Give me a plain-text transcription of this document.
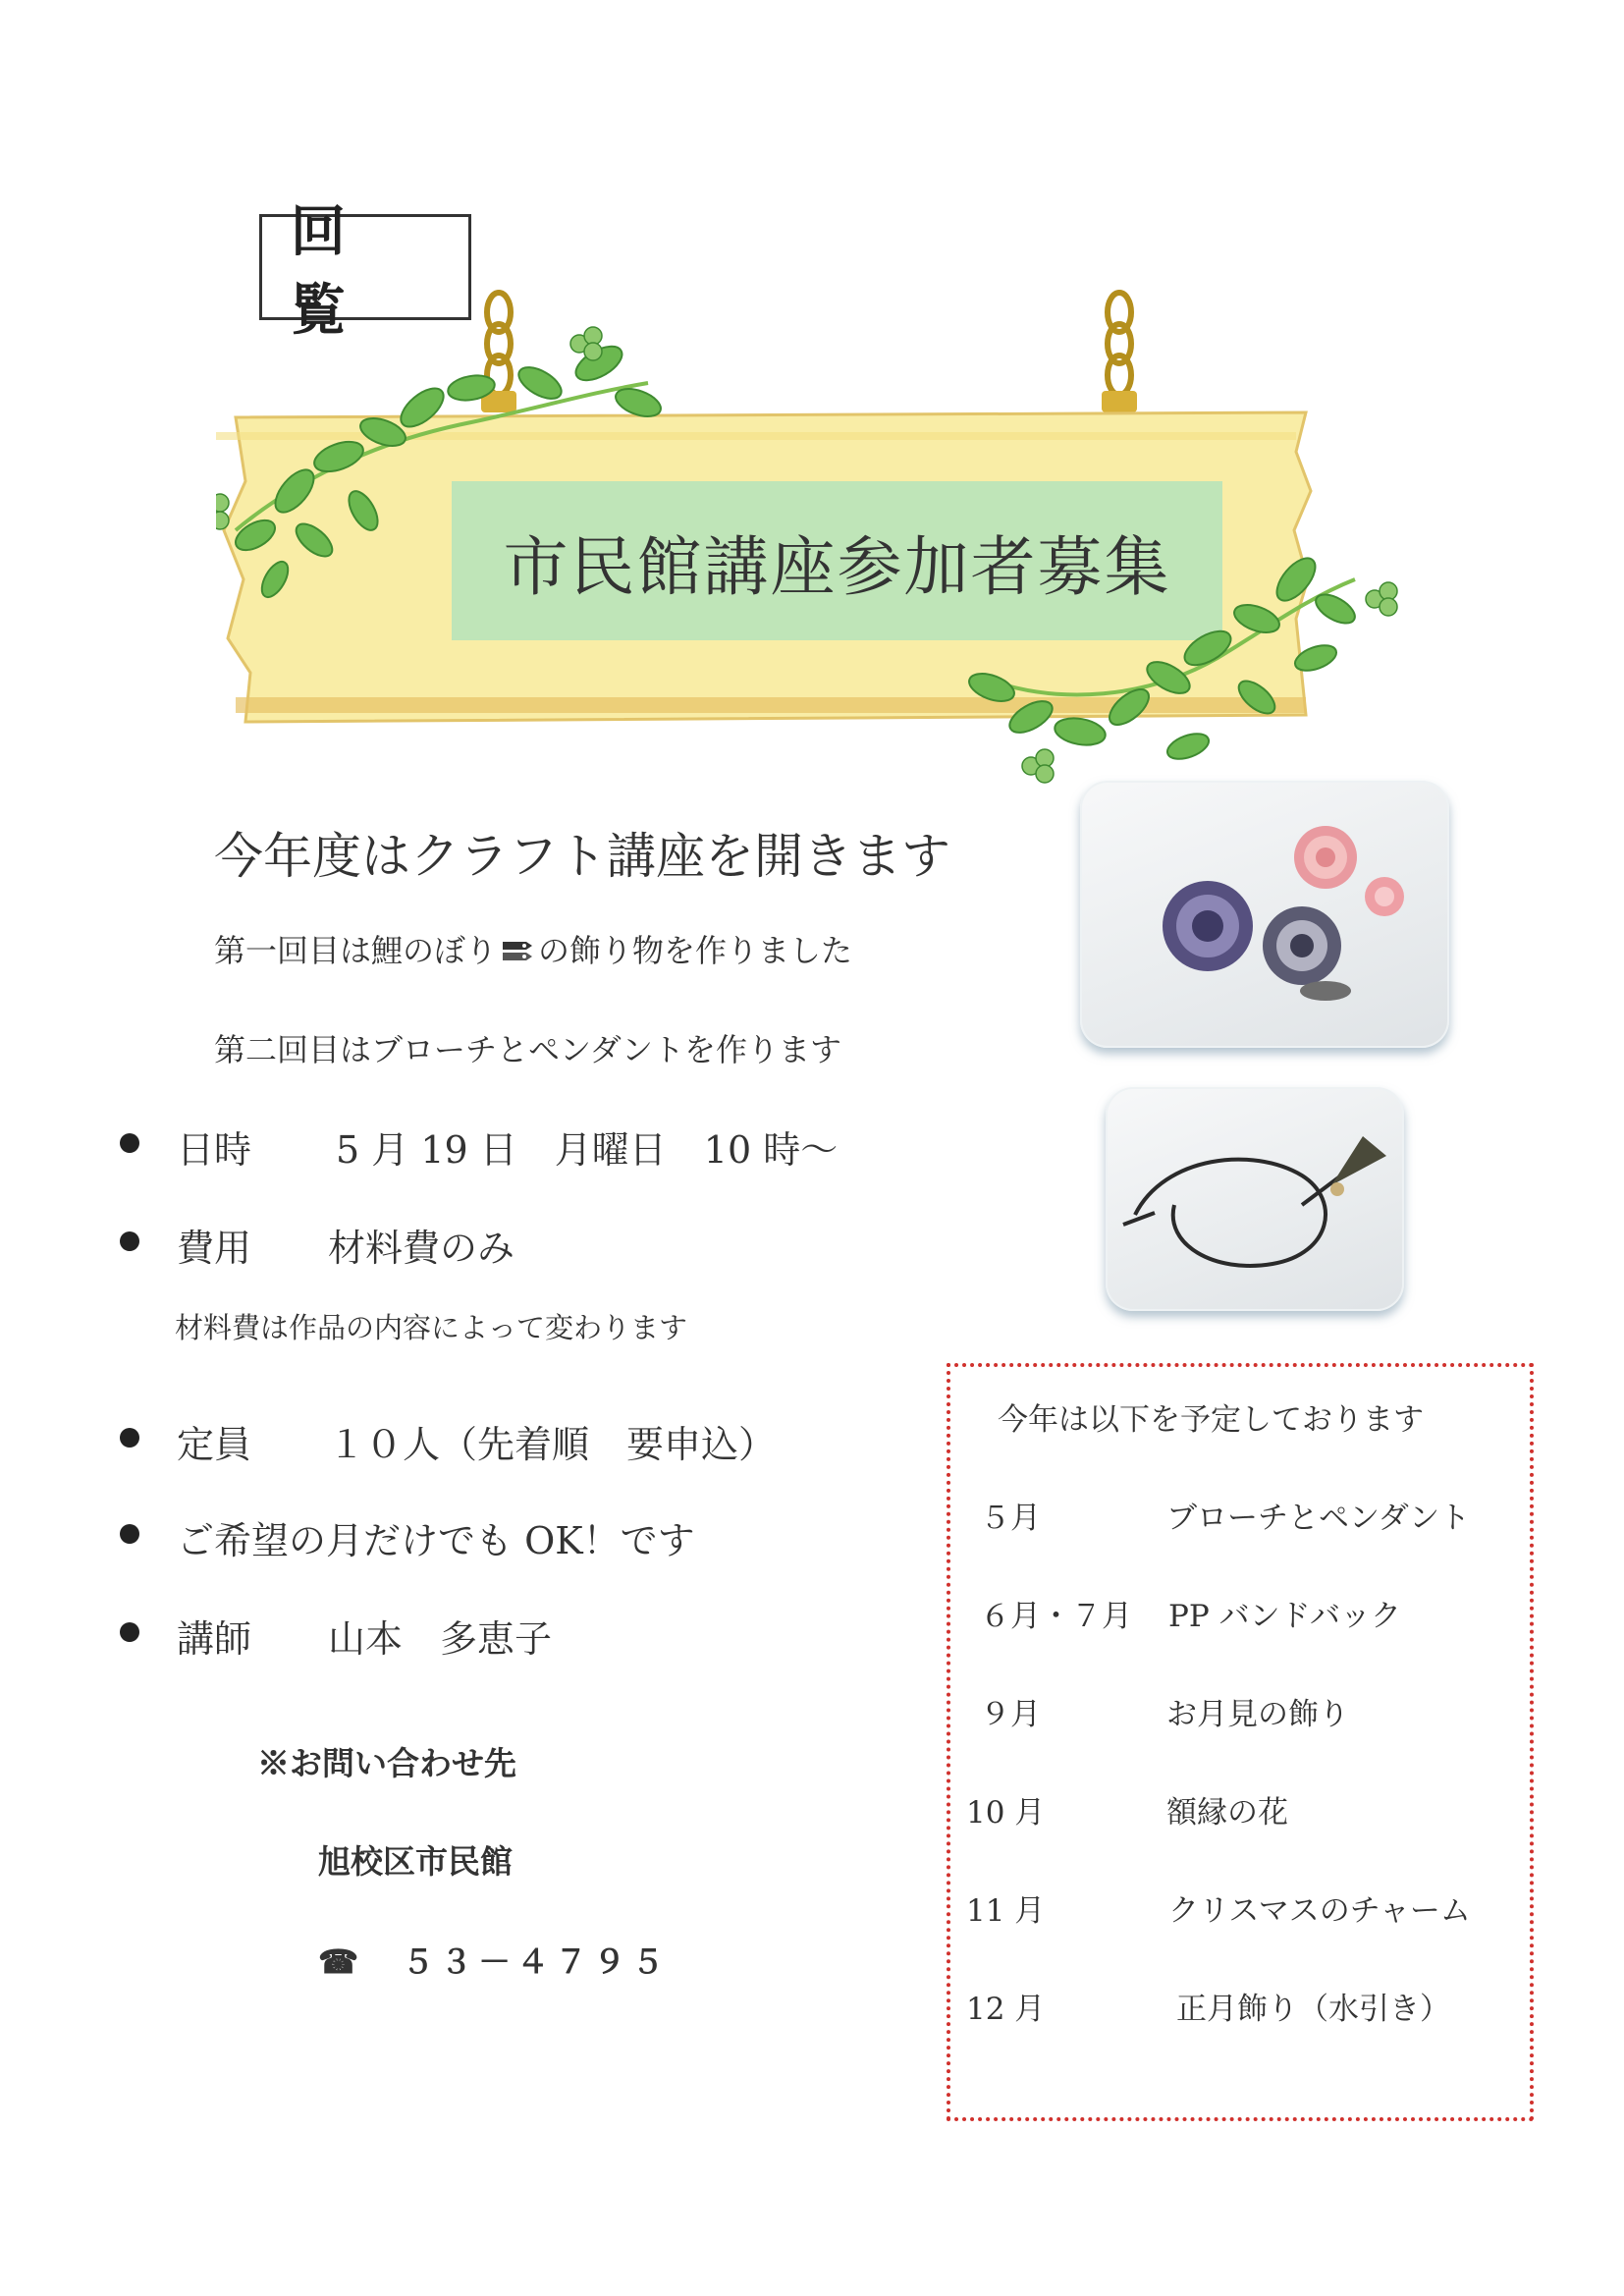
回　覧
市民館講座参加者募集
今年度はクラフト講座を開きます
第一回目は鯉のぼり の飾り物を作りました
第二回目はブローチとペンダントを作ります
日時 5 月 19 日　月曜日　10 時～
費用 材料費のみ
材料費は作品の内容によって変わります
定員 １０人（先着順　要申込）
ご希望の月だけでも OK！です
講師 山本　多恵子
※お問い合わせ先
旭校区市民館
☎ ５３－４７９５
今年は以下を予定しております
５月	ブローチとペンダント
６月・７月 PP バンドバック
９月	お月見の飾り
10 月	額縁の花
11 月	クリスマスのチャーム
12 月	正月飾り（水引き）
